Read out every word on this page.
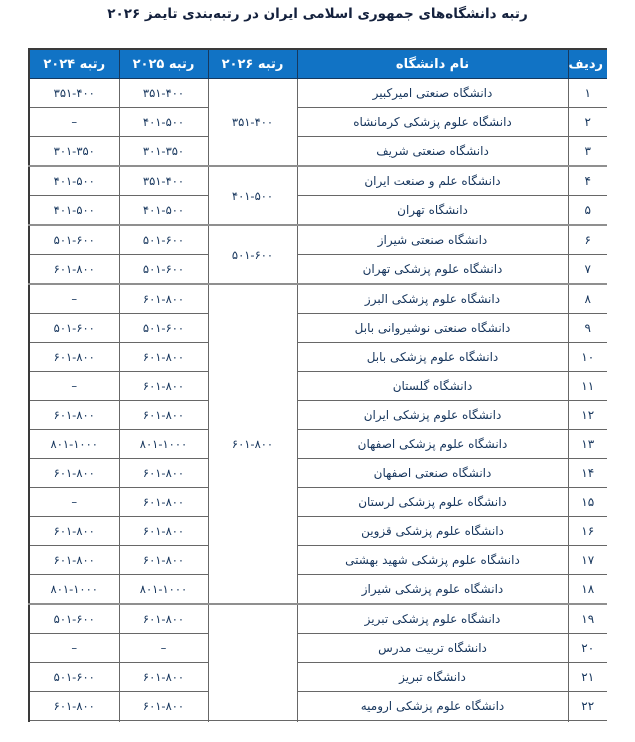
رتبه دانشگاه‌های جمهوری اسلامی ایران در رتبه‌بندی تایمز ۲۰۲۶
ردیف	نام دانشگاه	رتبه ۲۰۲۶	رتبه ۲۰۲۵	رتبه ۲۰۲۴
۱	دانشگاه صنعتی امیرکبیر	۳۵۱-۴۰۰	۳۵۱-۴۰۰	۳۵۱-۴۰۰
۲	دانشگاه علوم پزشکی کرمانشاه		۴۰۱-۵۰۰	–
۳	دانشگاه صنعتی شریف		۳۰۱-۳۵۰	۳۰۱-۳۵۰
۴	دانشگاه علم و صنعت ایران	۴۰۱-۵۰۰	۳۵۱-۴۰۰	۴۰۱-۵۰۰
۵	دانشگاه تهران		۴۰۱-۵۰۰	۴۰۱-۵۰۰
۶	دانشگاه صنعتی شیراز	۵۰۱-۶۰۰	۵۰۱-۶۰۰	۵۰۱-۶۰۰
۷	دانشگاه علوم پزشکی تهران		۵۰۱-۶۰۰	۶۰۱-۸۰۰
۸	دانشگاه علوم پزشکی البرز	۶۰۱-۸۰۰	۶۰۱-۸۰۰	–
۹	دانشگاه صنعتی نوشیروانی بابل		۵۰۱-۶۰۰	۵۰۱-۶۰۰
۱۰	دانشگاه علوم پزشکی بابل		۶۰۱-۸۰۰	۶۰۱-۸۰۰
۱۱	دانشگاه گلستان		۶۰۱-۸۰۰	–
۱۲	دانشگاه علوم پزشکی ایران		۶۰۱-۸۰۰	۶۰۱-۸۰۰
۱۳	دانشگاه علوم پزشکی اصفهان		۸۰۱-۱۰۰۰	۸۰۱-۱۰۰۰
۱۴	دانشگاه صنعتی اصفهان		۶۰۱-۸۰۰	۶۰۱-۸۰۰
۱۵	دانشگاه علوم پزشکی لرستان		۶۰۱-۸۰۰	–
۱۶	دانشگاه علوم پزشکی قزوین		۶۰۱-۸۰۰	۶۰۱-۸۰۰
۱۷	دانشگاه علوم پزشکی شهید بهشتی		۶۰۱-۸۰۰	۶۰۱-۸۰۰
۱۸	دانشگاه علوم پزشکی شیراز		۸۰۱-۱۰۰۰	۸۰۱-۱۰۰۰
۱۹	دانشگاه علوم پزشکی تبریز		۶۰۱-۸۰۰	۵۰۱-۶۰۰
۲۰	دانشگاه تربیت مدرس		–	–
۲۱	دانشگاه تبریز		۶۰۱-۸۰۰	۵۰۱-۶۰۰
۲۲	دانشگاه علوم پزشکی ارومیه		۶۰۱-۸۰۰	۶۰۱-۸۰۰
